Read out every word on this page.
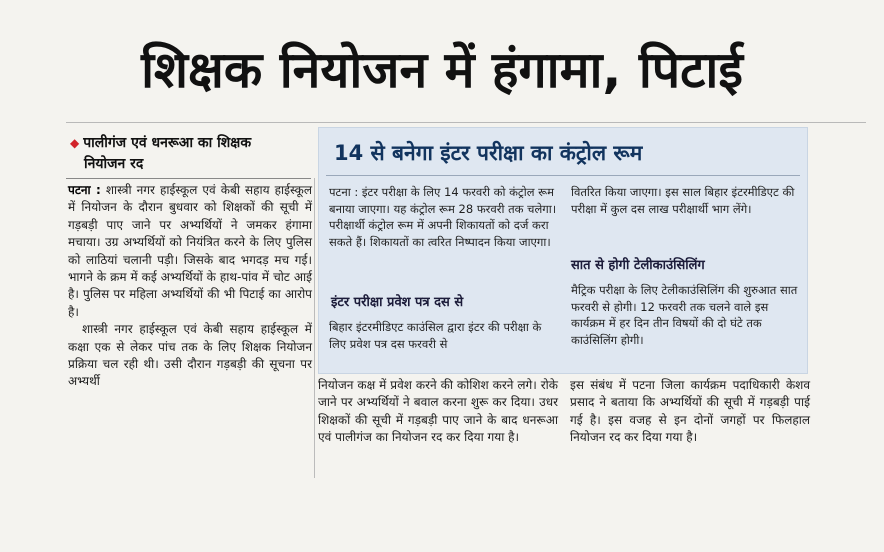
शिक्षक नियोजन में हंगामा, पिटाई
◆ पालीगंज एवं धनरूआ का शिक्षक
नियोजन रद

पटना : शास्त्री नगर हाईस्कूल एवं केबी सहाय हाईस्कूल में नियोजन के दौरान बुधवार को शिक्षकों की सूची में गड़बड़ी पाए जाने पर अभ्यर्थियों ने जमकर हंगामा मचाया। उग्र अभ्यर्थियों को नियंत्रित करने के लिए पुलिस को लाठियां चलानी पड़ी। जिसके बाद भगदड़ मच गई। भागने के क्रम में कई अभ्यर्थियों के हाथ-पांव में चोट आई है। पुलिस पर महिला अभ्यर्थियों की भी पिटाई का आरोप है।

शास्त्री नगर हाईस्कूल एवं केबी सहाय हाईस्कूल में कक्षा एक से लेकर पांच तक के लिए शिक्षक नियोजन प्रक्रिया चल रही थी। उसी दौरान गड़बड़ी की सूचना पर अभ्यर्थी

14 से बनेगा इंटर परीक्षा का कंट्रोल रूम
पटना : इंटर परीक्षा के लिए 14 फरवरी को कंट्रोल रूम बनाया जाएगा। यह कंट्रोल रूम 28 फरवरी तक चलेगा। परीक्षार्थी कंट्रोल रूम में अपनी शिकायतों को दर्ज करा सकते हैं। शिकायतों का त्वरित निष्पादन किया जाएगा।
इंटर परीक्षा प्रवेश पत्र दस से
बिहार इंटरमीडिएट काउंसिल द्वारा इंटर की परीक्षा के लिए प्रवेश पत्र दस फरवरी से
वितरित किया जाएगा। इस साल बिहार इंटरमीडिएट की परीक्षा में कुल दस लाख परीक्षार्थी भाग लेंगे।
सात से होगी टेलीकाउंसिलिंग
मैट्रिक परीक्षा के लिए टेलीकाउंसिलिंग की शुरुआत सात फरवरी से होगी। 12 फरवरी तक चलने वाले इस कार्यक्रम में हर दिन तीन विषयों की दो घंटे तक काउंसिलिंग होगी।
नियोजन कक्ष में प्रवेश करने की कोशिश करने लगे। रोके जाने पर अभ्यर्थियों ने बवाल करना शुरू कर दिया। उधर शिक्षकों की सूची में गड़बड़ी पाए जाने के बाद धनरूआ एवं पालीगंज का नियोजन रद कर दिया गया है।
इस संबंध में पटना जिला कार्यक्रम पदाधिकारी केशव प्रसाद ने बताया कि अभ्यर्थियों की सूची में गड़बड़ी पाई गई है। इस वजह से इन दोनों जगहों पर फिलहाल नियोजन रद कर दिया गया है।
